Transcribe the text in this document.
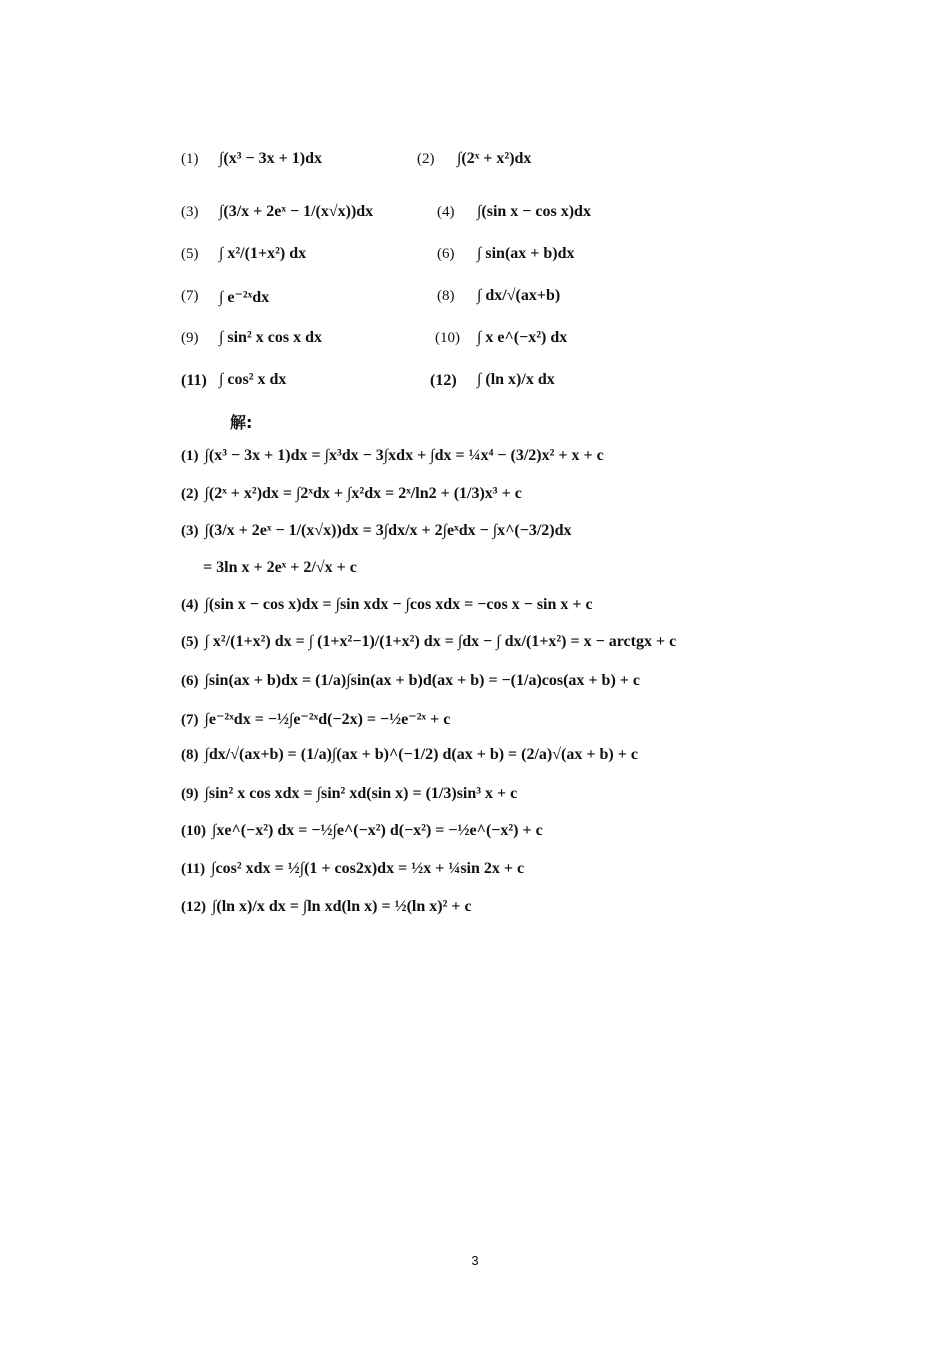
(1) ∫(x³ − 3x + 1)dx	(2) ∫(2ˣ + x²)dx
(3) ∫(3/x + 2eˣ − 1/(x√x))dx	(4) ∫(sin x − cos x)dx
(5) ∫ x²/(1+x²) dx	(6) ∫ sin(ax + b)dx
(7) ∫ e⁻²ˣdx	(8) ∫ dx/√(ax+b)
(9) ∫ sin² x cos x dx	(10) ∫ x e^(−x²) dx
(11) ∫ cos² x dx	(12) ∫ (ln x)/x dx
解:
(1) ∫(x³ − 3x + 1)dx = ∫x³dx − 3∫xdx + ∫dx = ¼x⁴ − (3/2)x² + x + c
(2) ∫(2ˣ + x²)dx = ∫2ˣdx + ∫x²dx = 2ˣ/ln2 + (1/3)x³ + c
(3) ∫(3/x + 2eˣ − 1/(x√x))dx = 3∫dx/x + 2∫eˣdx − ∫x^(−3/2)dx
= 3ln x + 2eˣ + 2/√x + c
(4) ∫(sin x − cos x)dx = ∫sin xdx − ∫cos xdx = −cos x − sin x + c
(5) ∫ x²/(1+x²) dx = ∫ (1+x²−1)/(1+x²) dx = ∫dx − ∫ dx/(1+x²) = x − arctgx + c
(6) ∫sin(ax + b)dx = (1/a)∫sin(ax + b)d(ax + b) = −(1/a)cos(ax + b) + c
(7) ∫e⁻²ˣdx = −½∫e⁻²ˣd(−2x) = −½e⁻²ˣ + c
(8) ∫dx/√(ax+b) = (1/a)∫(ax + b)^(−1/2) d(ax + b) = (2/a)√(ax + b) + c
(9) ∫sin² x cos xdx = ∫sin² xd(sin x) = (1/3)sin³ x + c
(10) ∫xe^(−x²) dx = −½∫e^(−x²) d(−x²) = −½e^(−x²) + c
(11) ∫cos² xdx = ½∫(1 + cos2x)dx = ½x + ¼sin 2x + c
(12) ∫(ln x)/x dx = ∫ln xd(ln x) = ½(ln x)² + c
3
